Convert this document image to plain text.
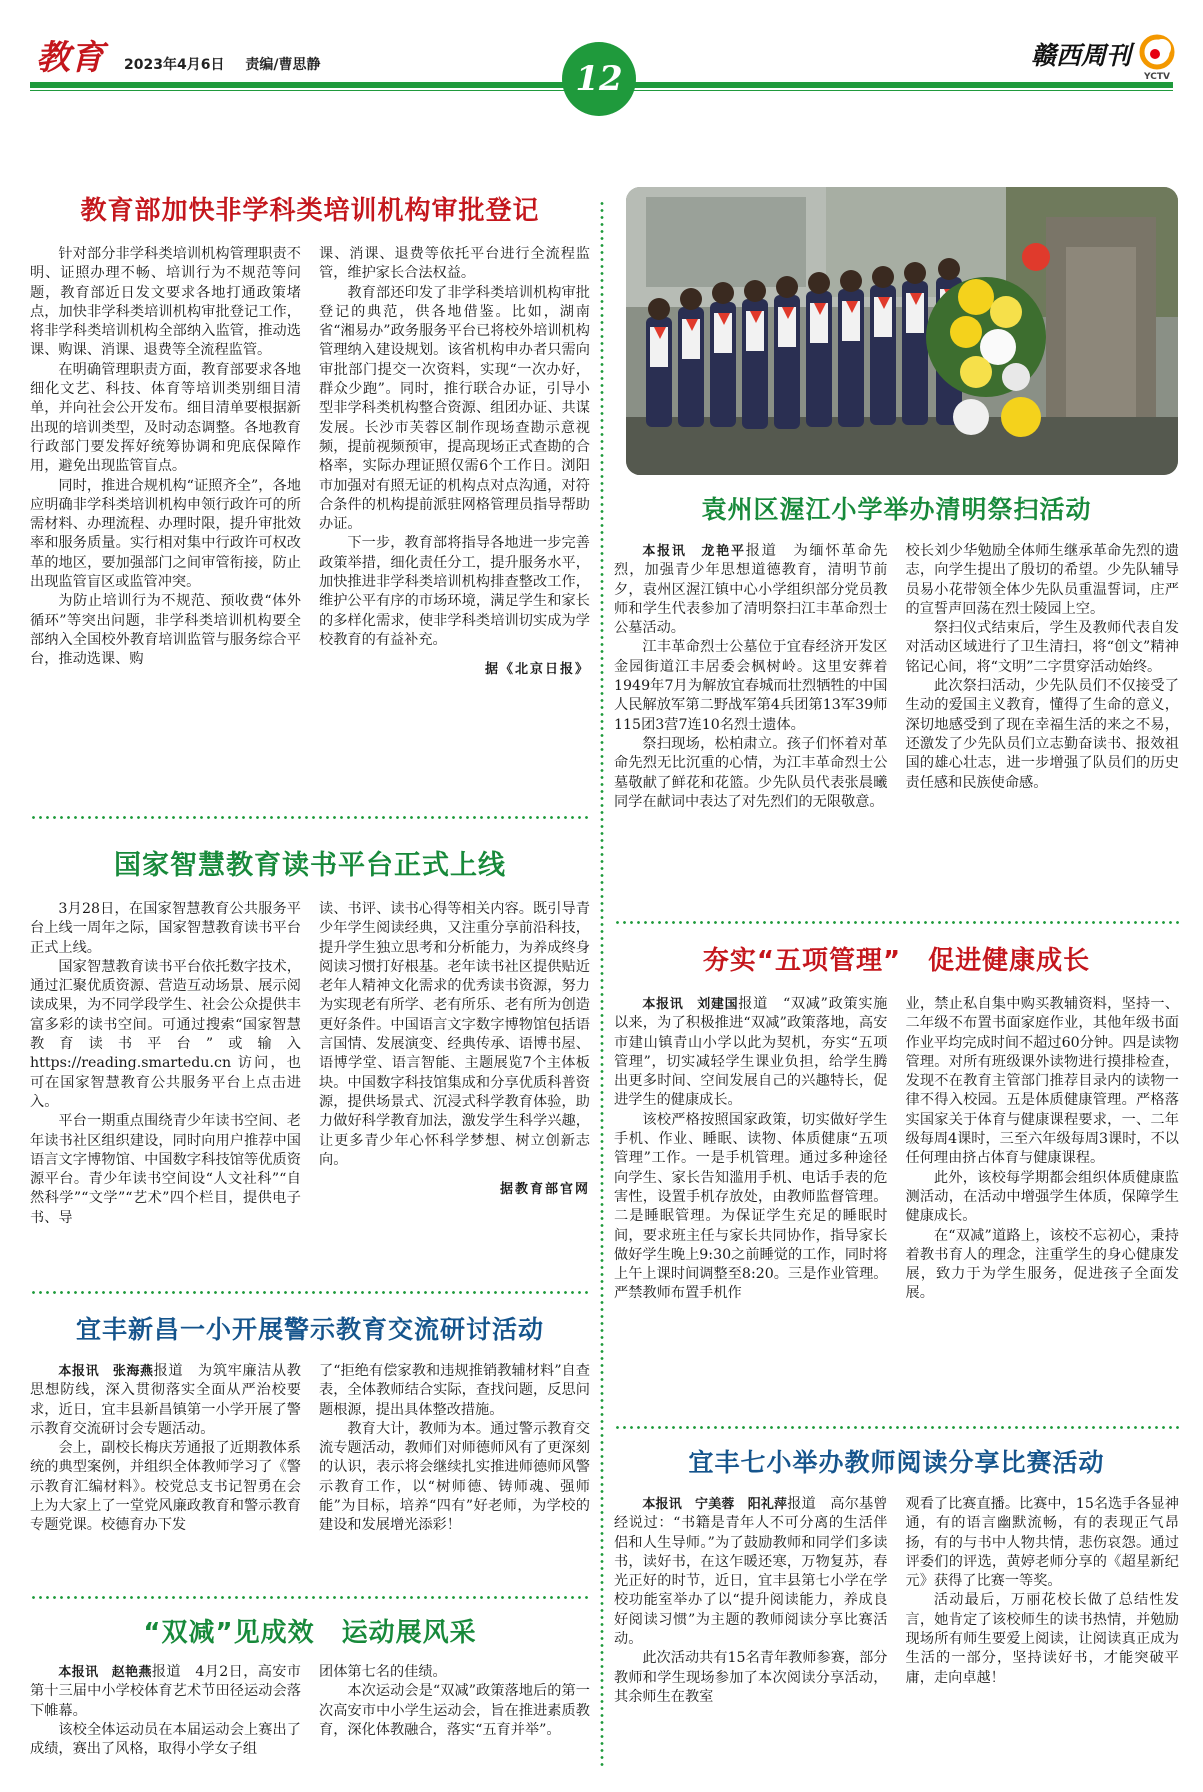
教育 2023年4月6日 责编/曹思静	12
赣西周刊
YCTV
教育部加快非学科类培训机构审批登记

针对部分非学科类培训机构管理职责不明、证照办理不畅、培训行为不规范等问题，教育部近日发文要求各地打通政策堵点，加快非学科类培训机构审批登记工作，将非学科类培训机构全部纳入监管，推动选课、购课、消课、退费等全流程监管。

在明确管理职责方面，教育部要求各地细化文艺、科技、体育等培训类别细目清单，并向社会公开发布。细目清单要根据新出现的培训类型，及时动态调整。各地教育行政部门要发挥好统筹协调和兜底保障作用，避免出现监管盲点。

同时，推进合规机构“证照齐全”，各地应明确非学科类培训机构申领行政许可的所需材料、办理流程、办理时限，提升审批效率和服务质量。实行相对集中行政许可权改革的地区，要加强部门之间审管衔接，防止出现监管盲区或监管冲突。

为防止培训行为不规范、预收费“体外循环”等突出问题，非学科类培训机构要全部纳入全国校外教育培训监管与服务综合平台，推动选课、购

课、消课、退费等依托平台进行全流程监管，维护家长合法权益。

教育部还印发了非学科类培训机构审批登记的典范，供各地借鉴。比如，湖南省“湘易办”政务服务平台已将校外培训机构管理纳入建设规划。该省机构申办者只需向审批部门提交一次资料，实现“一次办好，群众少跑”。同时，推行联合办证，引导小型非学科类机构整合资源、组团办证、共谋发展。长沙市芙蓉区制作现场查勘示意视频，提前视频预审，提高现场正式查勘的合格率，实际办理证照仅需6个工作日。浏阳市加强对有照无证的机构点对点沟通，对符合条件的机构提前派驻网格管理员指导帮助办证。

下一步，教育部将指导各地进一步完善政策举措，细化责任分工，提升服务水平，加快推进非学科类培训机构排查整改工作，维护公平有序的市场环境，满足学生和家长的多样化需求，使非学科类培训切实成为学校教育的有益补充。

据《北京日报》
国家智慧教育读书平台正式上线

3月28日，在国家智慧教育公共服务平台上线一周年之际，国家智慧教育读书平台正式上线。

国家智慧教育读书平台依托数字技术，通过汇聚优质资源、营造互动场景、展示阅读成果，为不同学段学生、社会公众提供丰富多彩的读书空间。可通过搜索“国家智慧教育读书平台”或输入 https://reading.smartedu.cn 访问，也可在国家智慧教育公共服务平台上点击进入。

平台一期重点围绕青少年读书空间、老年读书社区组织建设，同时向用户推荐中国语言文字博物馆、中国数字科技馆等优质资源平台。青少年读书空间设“人文社科”“自然科学”“文学”“艺术”四个栏目，提供电子书、导

读、书评、读书心得等相关内容。既引导青少年学生阅读经典，又注重分享前沿科技，提升学生独立思考和分析能力，为养成终身阅读习惯打好根基。老年读书社区提供贴近老年人精神文化需求的优秀读书资源，努力为实现老有所学、老有所乐、老有所为创造更好条件。中国语言文字数字博物馆包括语言国情、发展演变、经典传承、语博书屋、语博学堂、语言智能、主题展览7个主体板块。中国数字科技馆集成和分享优质科普资源，提供场景式、沉浸式科学教育体验，助力做好科学教育加法，激发学生科学兴趣，让更多青少年心怀科学梦想、树立创新志向。

据教育部官网
宜丰新昌一小开展警示教育交流研讨活动

本报讯　张海燕报道　为筑牢廉洁从教思想防线，深入贯彻落实全面从严治校要求，近日，宜丰县新昌镇第一小学开展了警示教育交流研讨会专题活动。

会上，副校长梅庆芳通报了近期教体系统的典型案例，并组织全体教师学习了《警示教育汇编材料》。校党总支书记智勇在会上为大家上了一堂党风廉政教育和警示教育专题党课。校德育办下发

了“拒绝有偿家教和违规推销教辅材料”自查表，全体教师结合实际，查找问题，反思问题根源，提出具体整改措施。

教育大计，教师为本。通过警示教育交流专题活动，教师们对师德师风有了更深刻的认识，表示将会继续扎实推进师德师风警示教育工作，以“树师德、铸师魂、强师能”为目标，培养“四有”好老师，为学校的建设和发展增光添彩！

“双减”见成效　运动展风采

本报讯　赵艳燕报道　4月2日，高安市第十三届中小学校体育艺术节田径运动会落下帷幕。

该校全体运动员在本届运动会上赛出了成绩，赛出了风格，取得小学女子组

团体第七名的佳绩。

本次运动会是“双减”政策落地后的第一次高安市中小学生运动会，旨在推进素质教育，深化体教融合，落实“五育并举”。

袁州区渥江小学举办清明祭扫活动

本报讯　龙艳平报道　为缅怀革命先烈，加强青少年思想道德教育，清明节前夕，袁州区渥江镇中心小学组织部分党员教师和学生代表参加了清明祭扫江丰革命烈士公墓活动。

江丰革命烈士公墓位于宜春经济开发区金园街道江丰居委会枫树岭。这里安葬着1949年7月为解放宜春城而壮烈牺牲的中国人民解放军第二野战军第4兵团第13军39师115团3营7连10名烈士遗体。

祭扫现场，松柏肃立。孩子们怀着对革命先烈无比沉重的心情，为江丰革命烈士公墓敬献了鲜花和花篮。少先队员代表张晨曦同学在献词中表达了对先烈们的无限敬意。

校长刘少华勉励全体师生继承革命先烈的遗志，向学生提出了殷切的希望。少先队辅导员易小花带领全体少先队员重温誓词，庄严的宣誓声回荡在烈士陵园上空。

祭扫仪式结束后，学生及教师代表自发对活动区域进行了卫生清扫，将“创文”精神铭记心间，将“文明”二字贯穿活动始终。

此次祭扫活动，少先队员们不仅接受了生动的爱国主义教育，懂得了生命的意义，深切地感受到了现在幸福生活的来之不易，还激发了少先队员们立志勤奋读书、报效祖国的雄心壮志，进一步增强了队员们的历史责任感和民族使命感。

夯实“五项管理”　促进健康成长

本报讯　刘建国报道　“双减”政策实施以来，为了积极推进“双减”政策落地，高安市建山镇青山小学以此为契机，夯实“五项管理”，切实减轻学生课业负担，给学生腾出更多时间、空间发展自己的兴趣特长，促进学生的健康成长。

该校严格按照国家政策，切实做好学生手机、作业、睡眠、读物、体质健康“五项管理”工作。一是手机管理。通过多种途径向学生、家长告知滥用手机、电话手表的危害性，设置手机存放处，由教师监督管理。二是睡眠管理。为保证学生充足的睡眠时间，要求班主任与家长共同协作，指导家长做好学生晚上9:30之前睡觉的工作，同时将上午上课时间调整至8:20。三是作业管理。严禁教师布置手机作

业，禁止私自集中购买教辅资料，坚持一、二年级不布置书面家庭作业，其他年级书面作业平均完成时间不超过60分钟。四是读物管理。对所有班级课外读物进行摸排检查，发现不在教育主管部门推荐目录内的读物一律不得入校园。五是体质健康管理。严格落实国家关于体育与健康课程要求，一、二年级每周4课时，三至六年级每周3课时，不以任何理由挤占体育与健康课程。

此外，该校每学期都会组织体质健康监测活动，在活动中增强学生体质，保障学生健康成长。

在“双减”道路上，该校不忘初心，秉持着教书育人的理念，注重学生的身心健康发展，致力于为学生服务，促进孩子全面发展。

宜丰七小举办教师阅读分享比赛活动

本报讯　宁美蓉　阳礼萍报道　高尔基曾经说过：“书籍是青年人不可分离的生活伴侣和人生导师。”为了鼓励教师和同学们多读书，读好书，在这乍暖还寒，万物复苏，春光正好的时节，近日，宜丰县第七小学在学校功能室举办了以“提升阅读能力，养成良好阅读习惯”为主题的教师阅读分享比赛活动。

此次活动共有15名青年教师参赛，部分教师和学生现场参加了本次阅读分享活动，其余师生在教室

观看了比赛直播。比赛中，15名选手各显神通，有的语言幽默流畅，有的表现正气昂扬，有的与书中人物共情，悲伤哀怨。通过评委们的评选，黄婷老师分享的《超星新纪元》获得了比赛一等奖。

活动最后，万丽花校长做了总结性发言，她肯定了该校师生的读书热情，并勉励现场所有师生要爱上阅读，让阅读真正成为生活的一部分，坚持读好书，才能突破平庸，走向卓越！
